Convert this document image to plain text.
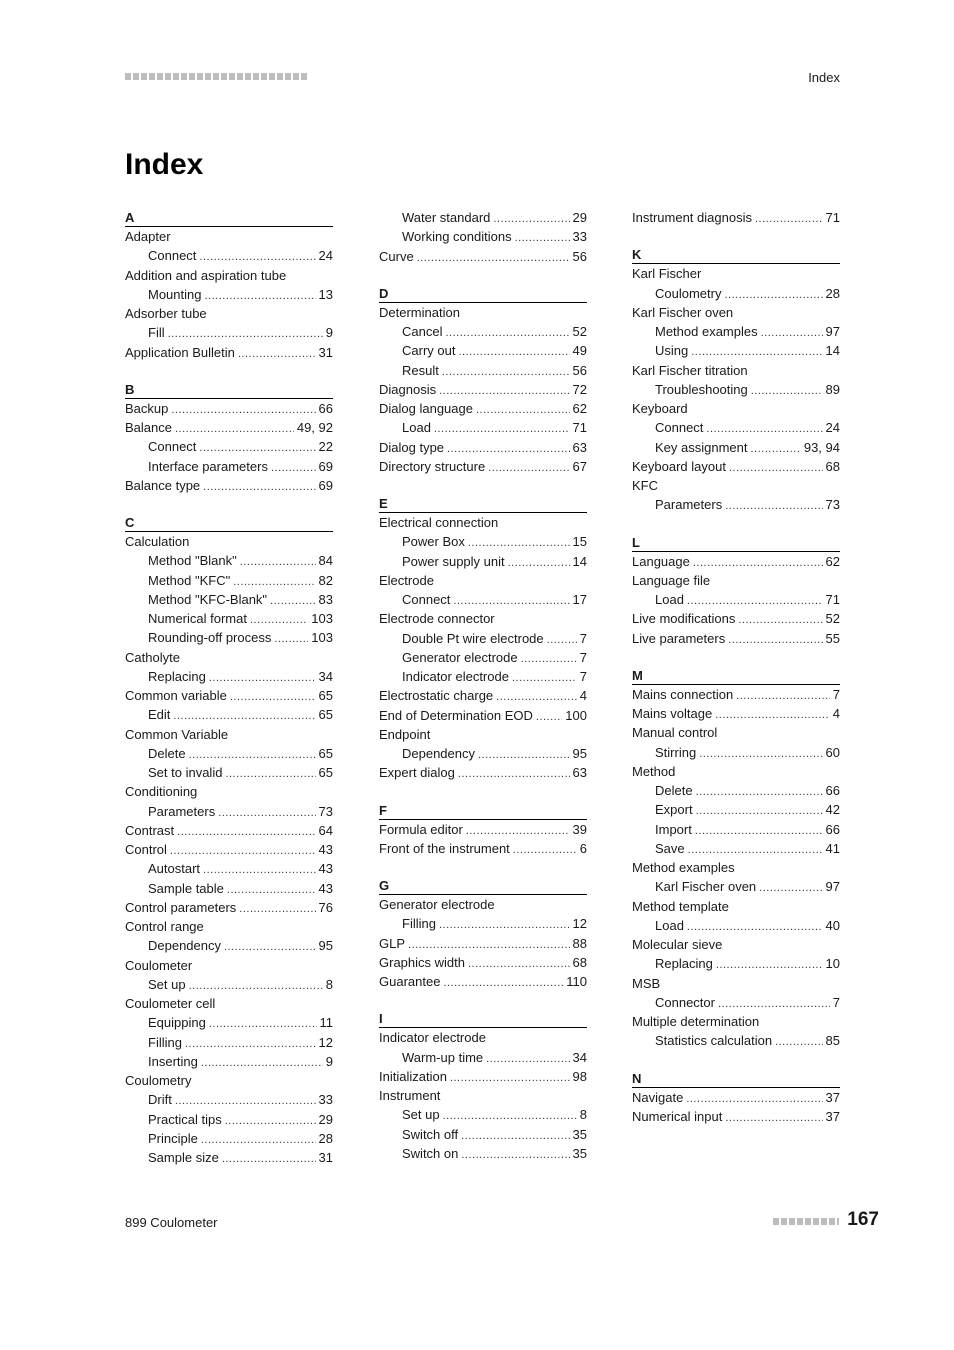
Index
Index
A
Adapter
Connect .....	24
Addition and aspiration tube
Mounting .....	13
Adsorber tube
Fill .....	9
Application Bulletin .....	31
B
Backup .....	66
Balance .....	49, 92
Connect .....	22
Interface parameters .....	69
Balance type .....	69
C
Calculation
Method "Blank" .....	84
Method "KFC" .....	82
Method "KFC-Blank" .....	83
Numerical format .....	103
Rounding-off process .....	103
Catholyte
Replacing .....	34
Common variable .....	65
Edit .....	65
Common Variable
Delete .....	65
Set to invalid .....	65
Conditioning
Parameters .....	73
Contrast .....	64
Control .....	43
Autostart .....	43
Sample table .....	43
Control parameters .....	76
Control range
Dependency .....	95
Coulometer
Set up .....	8
Coulometer cell
Equipping .....	11
Filling .....	12
Inserting .....	9
Coulometry
Drift .....	33
Practical tips .....	29
Principle .....	28
Sample size .....	31
Water standard .....	29
Working conditions .....	33
Curve .....	56
D
Determination
Cancel .....	52
Carry out .....	49
Result .....	56
Diagnosis .....	72
Dialog language .....	62
Load .....	71
Dialog type .....	63
Directory structure .....	67
E
Electrical connection
Power Box .....	15
Power supply unit .....	14
Electrode
Connect .....	17
Electrode connector
Double Pt wire electrode .....	7
Generator electrode .....	7
Indicator electrode .....	7
Electrostatic charge .....	4
End of Determination EOD ..... 100
Endpoint
Dependency .....	95
Expert dialog .....	63
F
Formula editor .....	39
Front of the instrument .....	6
G
Generator electrode
Filling .....	12
GLP .....	88
Graphics width .....	68
Guarantee .....	110
I
Indicator electrode
Warm-up time .....	34
Initialization .....	98
Instrument
Set up .....	8
Switch off .....	35
Switch on .....	35
Instrument diagnosis .....	71
K
Karl Fischer
Coulometry .....	28
Karl Fischer oven
Method examples .....	97
Using .....	14
Karl Fischer titration
Troubleshooting .....	89
Keyboard
Connect .....	24
Key assignment .....	93, 94
Keyboard layout .....	68
KFC
Parameters .....	73
L
Language .....	62
Language file
Load .....	71
Live modifications .....	52
Live parameters .....	55
M
Mains connection .....	7
Mains voltage .....	4
Manual control
Stirring .....	60
Method
Delete .....	66
Export .....	42
Import .....	66
Save .....	41
Method examples
Karl Fischer oven .....	97
Method template
Load .....	40
Molecular sieve
Replacing .....	10
MSB
Connector .....	7
Multiple determination
Statistics calculation .....	85
N
Navigate .....	37
Numerical input .....	37
899 Coulometer	167
